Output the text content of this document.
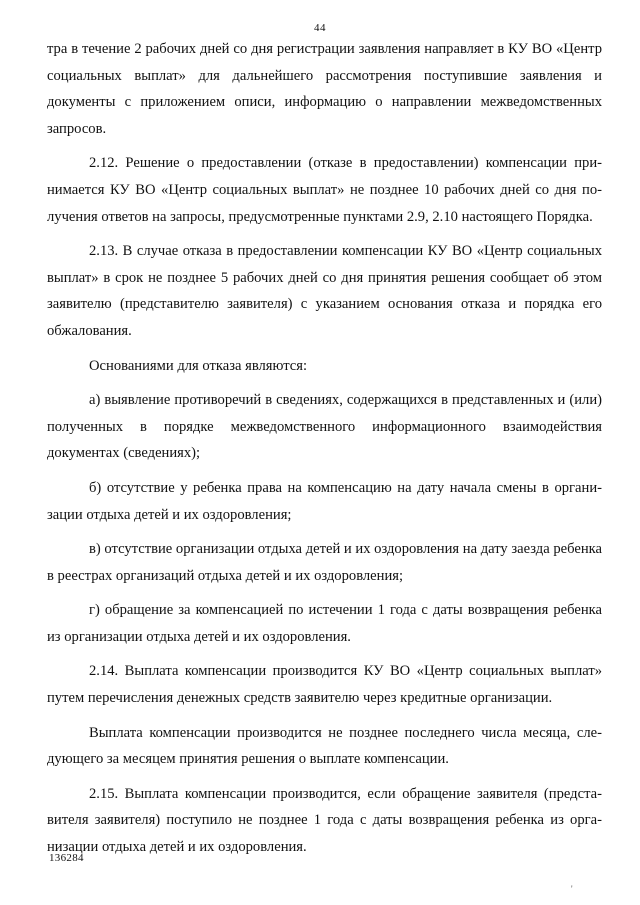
44

тра в течение 2 рабочих дней со дня регистрации заявления направляет в КУ ВО «Центр социальных выплат» для дальнейшего рассмотрения поступившие заявления и документы с приложением описи, информацию о направлении межведомственных запросов.

2.12. Решение о предоставлении (отказе в предоставлении) компенсации принимается КУ ВО «Центр социальных выплат» не позднее 10 рабочих дней со дня получения ответов на запросы, предусмотренные пунктами 2.9, 2.10 настоящего Порядка.

2.13. В случае отказа в предоставлении компенсации КУ ВО «Центр социальных выплат» в срок не позднее 5 рабочих дней со дня принятия решения сообщает об этом заявителю (представителю заявителя) с указанием основания отказа и порядка его обжалования.

Основаниями для отказа являются:

а) выявление противоречий в сведениях, содержащихся в представленных и (или) полученных в порядке межведомственного информационного взаимодействия документах (сведениях);

б) отсутствие у ребенка права на компенсацию на дату начала смены в организации отдыха детей и их оздоровления;

в) отсутствие организации отдыха детей и их оздоровления на дату заезда ребенка в реестрах организаций отдыха детей и их оздоровления;

г) обращение за компенсацией по истечении 1 года с даты возвращения ребенка из организации отдыха детей и их оздоровления.

2.14. Выплата компенсации производится КУ ВО «Центр социальных выплат» путем перечисления денежных средств заявителю через кредитные организации.

Выплата компенсации производится не позднее последнего числа месяца, следующего за месяцем принятия решения о выплате компенсации.

2.15. Выплата компенсации производится, если обращение заявителя (представителя заявителя) поступило не позднее 1 года с даты возвращения ребенка из организации отдыха детей и их оздоровления.

136284
'
